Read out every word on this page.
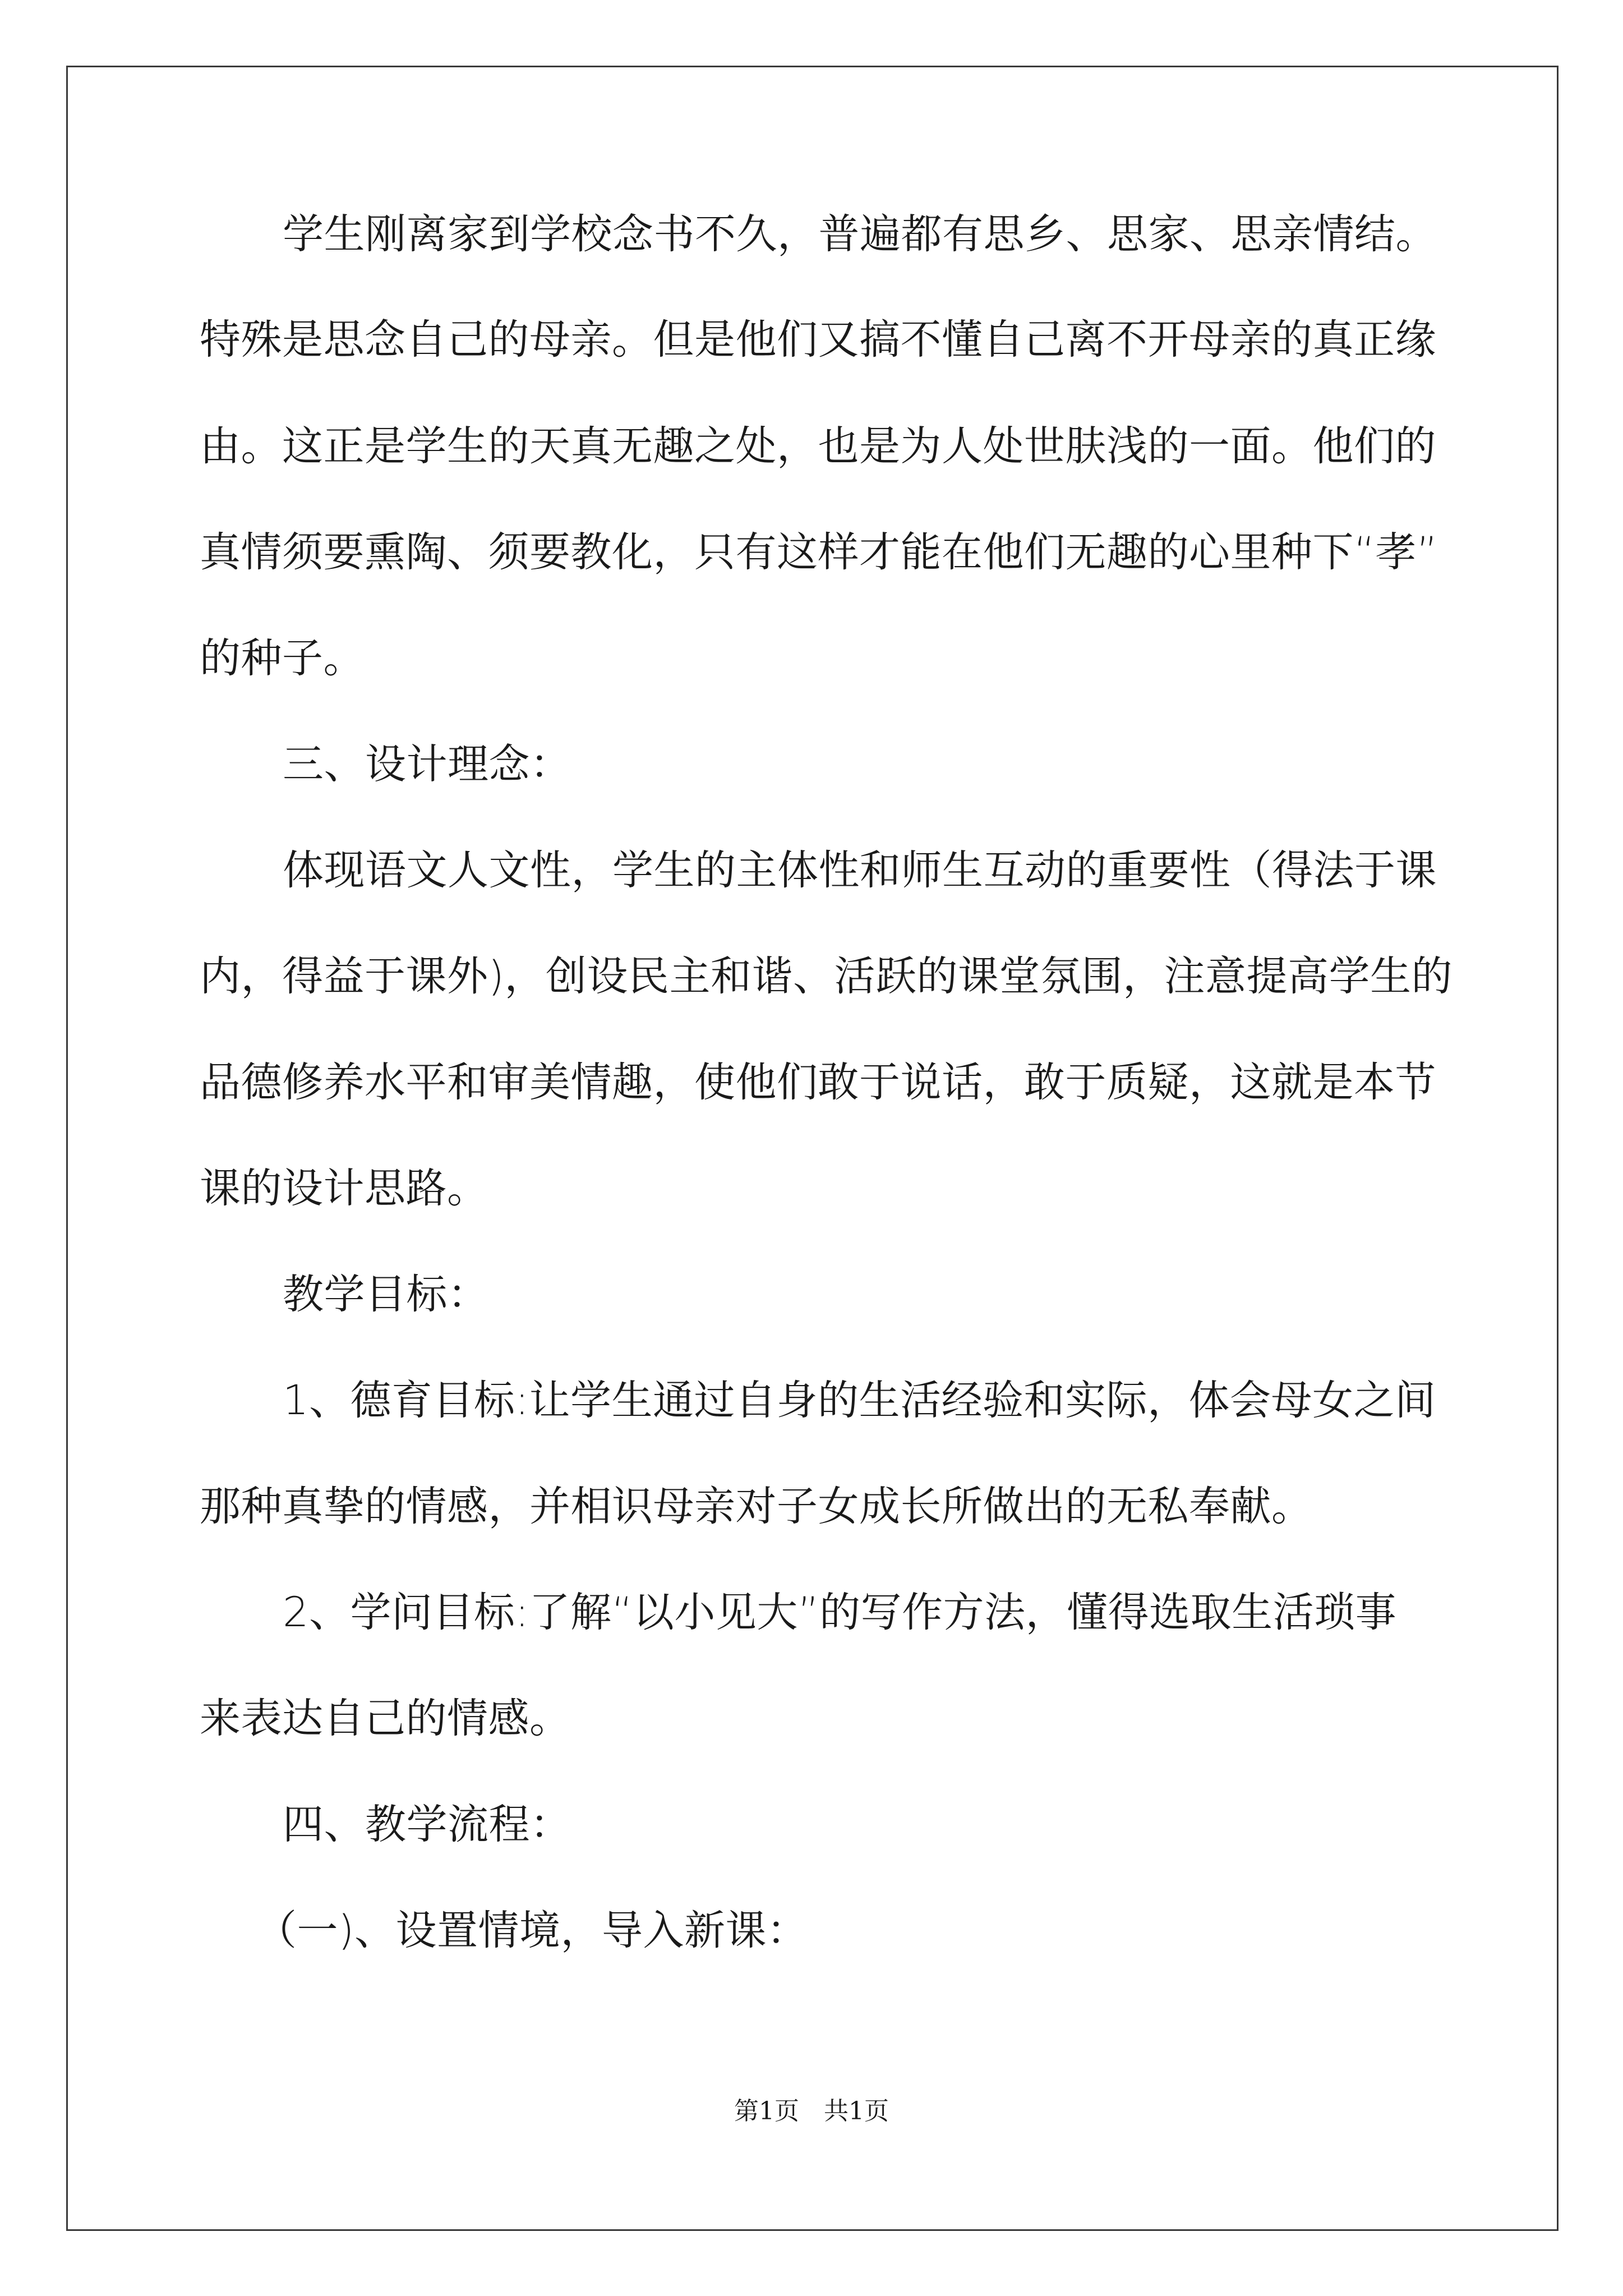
学生刚离家到学校念书不久，普遍都有思乡、思家、思亲情结。
特殊是思念自己的母亲。但是他们又搞不懂自己离不开母亲的真正缘
由。这正是学生的天真无趣之处，也是为人处世肤浅的一面。他们的
真情须要熏陶、须要教化，只有这样才能在他们无趣的心里种下“孝”
的种子。
三、设计理念：
体现语文人文性，学生的主体性和师生互动的重要性（得法于课
内，得益于课外)，创设民主和谐、活跃的课堂氛围，注意提高学生的
品德修养水平和审美情趣，使他们敢于说话，敢于质疑，这就是本节
课的设计思路。
教学目标：
1、德育目标:让学生通过自身的生活经验和实际，体会母女之间
那种真挚的情感，并相识母亲对子女成长所做出的无私奉献。
2、学问目标:了解“以小见大”的写作方法，懂得选取生活琐事
来表达自己的情感。
四、教学流程：
（一)、设置情境，导入新课：
第1页　共1页
